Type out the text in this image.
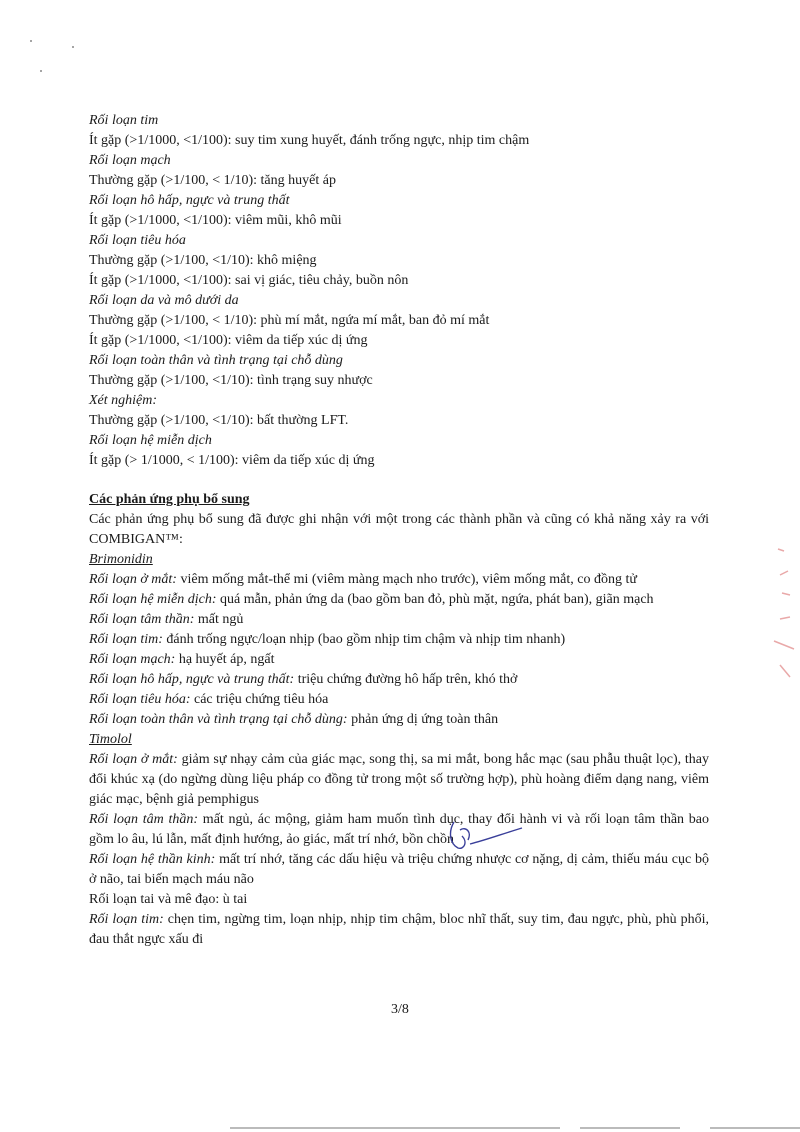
Rối loạn tim
Ít gặp (>1/1000, <1/100): suy tim xung huyết, đánh trống ngực, nhịp tim chậm
Rối loạn mạch
Thường gặp (>1/100, < 1/10): tăng huyết áp
Rối loạn hô hấp, ngực và trung thất
Ít gặp (>1/1000, <1/100): viêm mũi, khô mũi
Rối loạn tiêu hóa
Thường gặp (>1/100, <1/10): khô miệng
Ít gặp (>1/1000, <1/100): sai vị giác, tiêu chảy, buồn nôn
Rối loạn da và mô dưới da
Thường gặp (>1/100, < 1/10): phù mí mắt, ngứa mí mắt, ban đỏ mí mắt
Ít gặp (>1/1000, <1/100): viêm da tiếp xúc dị ứng
Rối loạn toàn thân và tình trạng tại chỗ dùng
Thường gặp (>1/100, <1/10): tình trạng suy nhược
Xét nghiệm:
Thường gặp (>1/100, <1/10): bất thường LFT.
Rối loạn hệ miễn dịch
Ít gặp (> 1/1000, < 1/100): viêm da tiếp xúc dị ứng
Các phản ứng phụ bổ sung
Các phản ứng phụ bổ sung đã được ghi nhận với một trong các thành phần và cũng có khả năng xảy ra với COMBIGAN™:
Brimonidin
Rối loạn ở mắt: viêm mống mắt-thể mi (viêm màng mạch nho trước), viêm mống mắt, co đồng tử
Rối loạn hệ miễn dịch: quá mẫn, phản ứng da (bao gồm ban đỏ, phù mặt, ngứa, phát ban), giãn mạch
Rối loạn tâm thần: mất ngủ
Rối loạn tim: đánh trống ngực/loạn nhịp (bao gồm nhịp tim chậm và nhịp tim nhanh)
Rối loạn mạch: hạ huyết áp, ngất
Rối loạn hô hấp, ngực và trung thất: triệu chứng đường hô hấp trên, khó thở
Rối loạn tiêu hóa: các triệu chứng tiêu hóa
Rối loạn toàn thân và tình trạng tại chỗ dùng: phản ứng dị ứng toàn thân
Timolol
Rối loạn ở mắt: giảm sự nhạy cảm của giác mạc, song thị, sa mi mắt, bong hắc mạc (sau phẫu thuật lọc), thay đổi khúc xạ (do ngừng dùng liệu pháp co đồng tử trong một số trường hợp), phù hoàng điểm dạng nang, viêm giác mạc, bệnh giả pemphigus
Rối loạn tâm thần: mất ngủ, ác mộng, giảm ham muốn tình dục, thay đổi hành vi và rối loạn tâm thần bao gồm lo âu, lú lẫn, mất định hướng, ảo giác, mất trí nhớ, bồn chồn
Rối loạn hệ thần kinh: mất trí nhớ, tăng các dấu hiệu và triệu chứng nhược cơ nặng, dị cảm, thiếu máu cục bộ ở não, tai biến mạch máu não
Rối loạn tai và mê đạo: ù tai
Rối loạn tim: chẹn tim, ngừng tim, loạn nhịp, nhịp tim chậm, bloc nhĩ thất, suy tim, đau ngực, phù, phù phổi, đau thắt ngực xấu đi
3/8
